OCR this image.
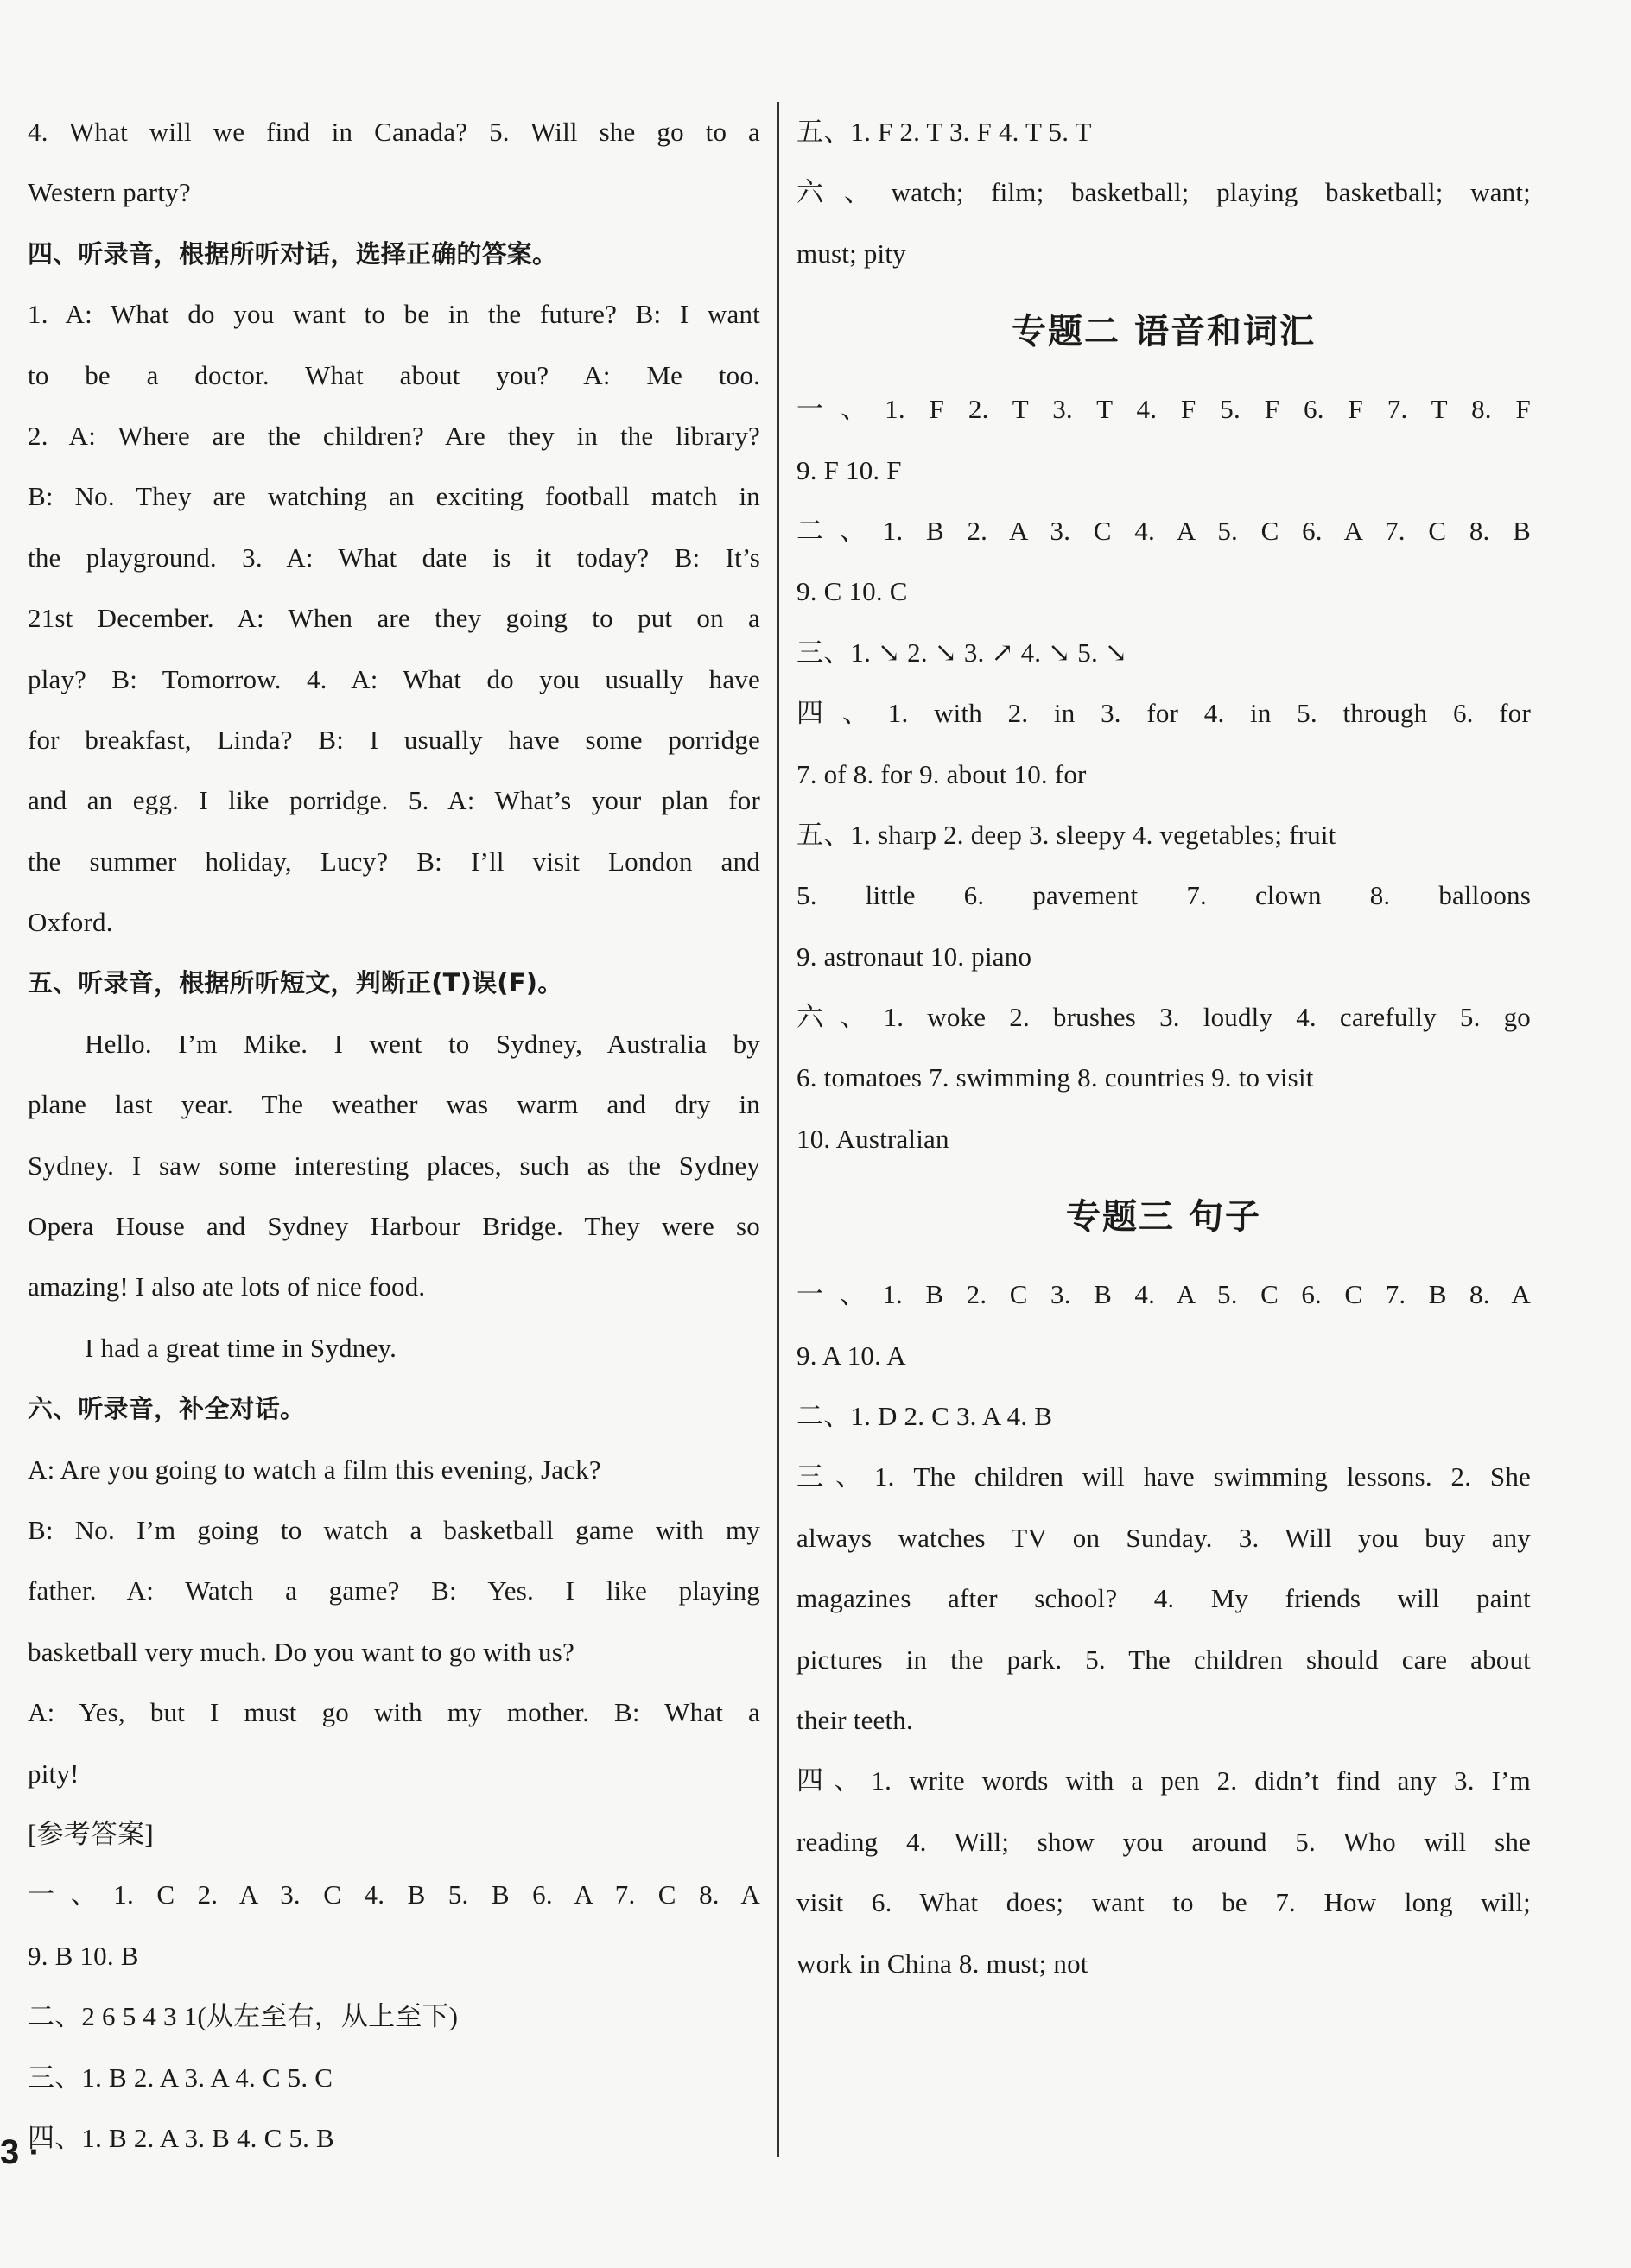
4. What will we find in Canada? 5. Will she go to a
Western party?
四、听录音，根据所听对话，选择正确的答案。
1. A: What do you want to be in the future? B: I want
to be a doctor. What about you? A: Me too.
2. A: Where are the children? Are they in the library?
B: No. They are watching an exciting football match in
the playground. 3. A: What date is it today? B: It’s
21st December. A: When are they going to put on a
play? B: Tomorrow. 4. A: What do you usually have
for breakfast, Linda? B: I usually have some porridge
and an egg. I like porridge. 5. A: What’s your plan for
the summer holiday, Lucy? B: I’ll visit London and
Oxford.
五、听录音，根据所听短文，判断正(T)误(F)。
Hello. I’m Mike. I went to Sydney, Australia by
plane last year. The weather was warm and dry in
Sydney. I saw some interesting places, such as the Sydney
Opera House and Sydney Harbour Bridge. They were so
amazing! I also ate lots of nice food.
I had a great time in Sydney.
六、听录音，补全对话。
A: Are you going to watch a film this evening, Jack?
B: No. I’m going to watch a basketball game with my
father. A: Watch a game? B: Yes. I like playing
basketball very much. Do you want to go with us?
A: Yes, but I must go with my mother. B: What a
pity!
[参考答案]
一、1. C 2. A 3. C 4. B 5. B 6. A 7. C 8. A
9. B 10. B
二、2 6 5 4 3 1(从左至右，从上至下)
三、1. B 2. A 3. A 4. C 5. C
四、1. B 2. A 3. B 4. C 5. B
五、1. F 2. T 3. F 4. T 5. T
六、watch; film; basketball; playing basketball; want;
must; pity
专题二 语音和词汇
一、1. F 2. T 3. T 4. F 5. F 6. F 7. T 8. F
9. F 10. F
二、1. B 2. A 3. C 4. A 5. C 6. A 7. C 8. B
9. C 10. C
三、1. ↘ 2. ↘ 3. ↗ 4. ↘ 5. ↘
四、1. with 2. in 3. for 4. in 5. through 6. for
7. of 8. for 9. about 10. for
五、1. sharp 2. deep 3. sleepy 4. vegetables; fruit
5. little 6. pavement 7. clown 8. balloons
9. astronaut 10. piano
六、1. woke 2. brushes 3. loudly 4. carefully 5. go
6. tomatoes 7. swimming 8. countries 9. to visit
10. Australian
专题三 句子
一、1. B 2. C 3. B 4. A 5. C 6. C 7. B 8. A
9. A 10. A
二、1. D 2. C 3. A 4. B
三、1. The children will have swimming lessons. 2. She
always watches TV on Sunday. 3. Will you buy any
magazines after school? 4. My friends will paint
pictures in the park. 5. The children should care about
their teeth.
四、1. write words with a pen 2. didn’t find any 3. I’m
reading 4. Will; show you around 5. Who will she
visit 6. What does; want to be 7. How long will;
work in China 8. must; not
3 ·
